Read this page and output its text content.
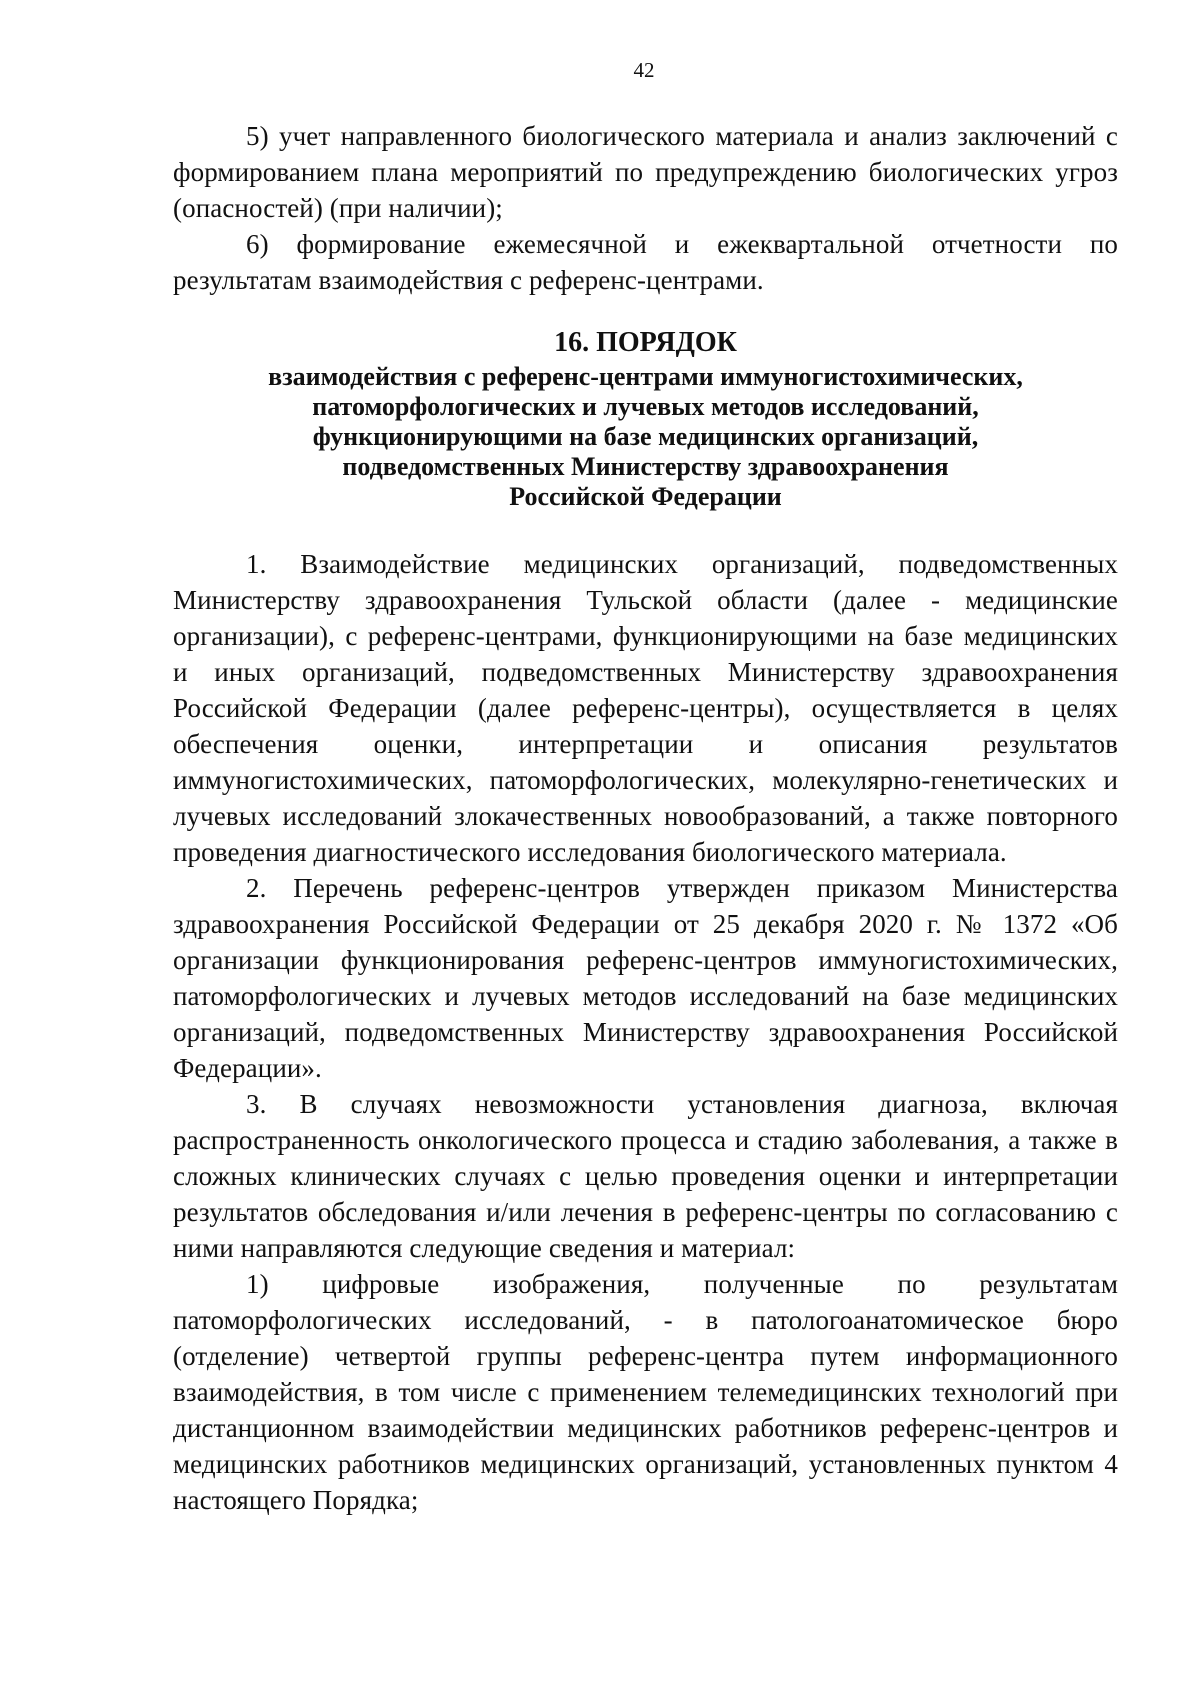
42

5) учет направленного биологического материала и анализ заключений с формированием плана мероприятий по предупреждению биологических угроз (опасностей) (при наличии);

6) формирование ежемесячной и ежеквартальной отчетности по результатам взаимодействия с референс-центрами.

16. ПОРЯДОК
взаимодействия с референс-центрами иммуногистохимических,
патоморфологических и лучевых методов исследований,
функционирующими на базе медицинских организаций,
подведомственных Министерству здравоохранения
Российской Федерации

1. Взаимодействие медицинских организаций, подведомственных Министерству здравоохранения Тульской области (далее - медицинские организации), с референс-центрами, функционирующими на базе медицинских и иных организаций, подведомственных Министерству здравоохранения Российской Федерации (далее референс-центры), осуществляется в целях обеспечения оценки, интерпретации и описания результатов иммуногистохимических, патоморфологических, молекулярно-генетических и лучевых исследований злокачественных новообразований, а также повторного проведения диагностического исследования биологического материала.

2. Перечень референс-центров утвержден приказом Министерства здравоохранения Российской Федерации от 25 декабря 2020 г. № 1372 «Об организации функционирования референс-центров иммуногистохимических, патоморфологических и лучевых методов исследований на базе медицинских организаций, подведомственных Министерству здравоохранения Российской Федерации».

3. В случаях невозможности установления диагноза, включая распространенность онкологического процесса и стадию заболевания, а также в сложных клинических случаях с целью проведения оценки и интерпретации результатов обследования и/или лечения в референс-центры по согласованию с ними направляются следующие сведения и материал:

1) цифровые изображения, полученные по результатам патоморфологических исследований, - в патологоанатомическое бюро (отделение) четвертой группы референс-центра путем информационного взаимодействия, в том числе с применением телемедицинских технологий при дистанционном взаимодействии медицинских работников референс-центров и медицинских работников медицинских организаций, установленных пунктом 4 настоящего Порядка;
